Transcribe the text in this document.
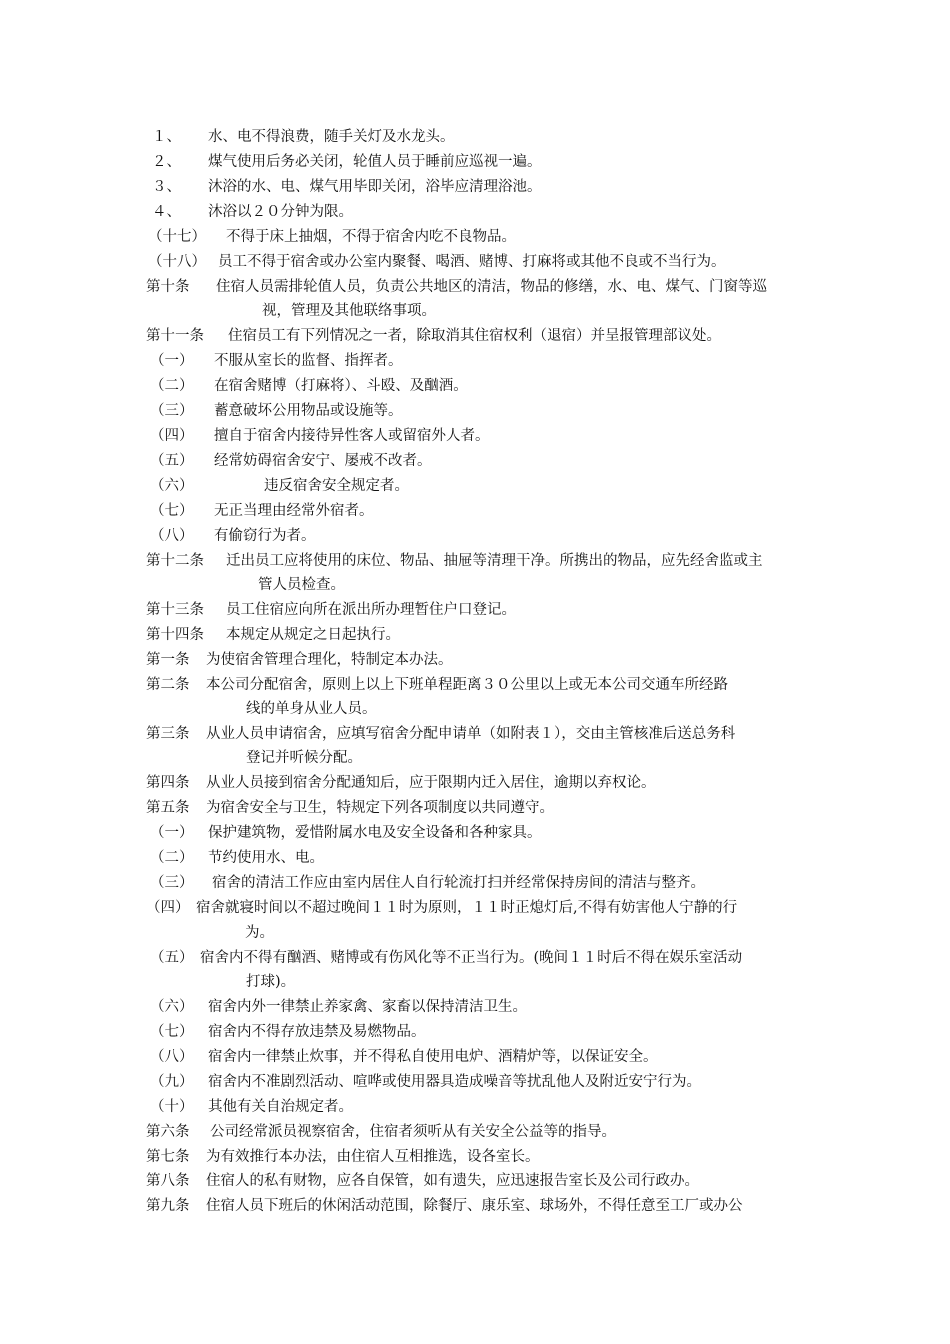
１、	水、电不得浪费，随手关灯及水龙头。
２、	煤气使用后务必关闭，轮值人员于睡前应巡视一遍。
３、	沐浴的水、电、煤气用毕即关闭，浴毕应清理浴池。
４、	沐浴以２０分钟为限。
（十七）	不得于床上抽烟，不得于宿舍内吃不良物品。
（十八） 员工不得于宿舍或办公室内聚餐、喝酒、赌博、打麻将或其他不良或不当行为。
第十条	住宿人员需排轮值人员，负责公共地区的清洁，物品的修缮，水、电、煤气、门窗等巡
视，管理及其他联络事项。
第十一条	住宿员工有下列情况之一者，除取消其住宿权利（退宿）并呈报管理部议处。
（一）	不服从室长的监督、指挥者。
（二）	在宿舍赌博（打麻将）、斗殴、及酗酒。
（三）	蓄意破坏公用物品或设施等。
（四）	擅自于宿舍内接待异性客人或留宿外人者。
（五）	经常妨碍宿舍安宁、屡戒不改者。
（六）	违反宿舍安全规定者。
（七）	无正当理由经常外宿者。
（八）	有偷窃行为者。
第十二条	迁出员工应将使用的床位、物品、抽屉等清理干净。所携出的物品，应先经舍监或主
管人员检查。
第十三条	员工住宿应向所在派出所办理暂住户口登记。
第十四条	本规定从规定之日起执行。
第一条	为使宿舍管理合理化，特制定本办法。
第二条	本公司分配宿舍，原则上以上下班单程距离３０公里以上或无本公司交通车所经路
线的单身从业人员。
第三条	从业人员申请宿舍，应填写宿舍分配申请单（如附表１），交由主管核准后送总务科
登记并听候分配。
第四条	从业人员接到宿舍分配通知后，应于限期内迁入居住，逾期以弃权论。
第五条	为宿舍安全与卫生，特规定下列各项制度以共同遵守。
（一）	保护建筑物，爱惜附属水电及安全设备和各种家具。
（二）	节约使用水、电。
（三）	宿舍的清洁工作应由室内居住人自行轮流打扫并经常保持房间的清洁与整齐。
（四） 宿舍就寝时间以不超过晚间１１时为原则，１１时正熄灯后,不得有妨害他人宁静的行
为。
（五） 宿舍内不得有酗酒、赌博或有伤风化等不正当行为。(晚间１１时后不得在娱乐室活动
打球)。
（六）	宿舍内外一律禁止养家禽、家畜以保持清洁卫生。
（七）	宿舍内不得存放违禁及易燃物品。
（八）	宿舍内一律禁止炊事，并不得私自使用电炉、酒精炉等，以保证安全。
（九）	宿舍内不准剧烈活动、喧哗或使用器具造成噪音等扰乱他人及附近安宁行为。
（十）	其他有关自治规定者。
第六条	公司经常派员视察宿舍，住宿者须听从有关安全公益等的指导。
第七条	为有效推行本办法，由住宿人互相推选，设各室长。
第八条	住宿人的私有财物，应各自保管，如有遗失，应迅速报告室长及公司行政办。
第九条	住宿人员下班后的休闲活动范围，除餐厅、康乐室、球场外，不得任意至工厂或办公
